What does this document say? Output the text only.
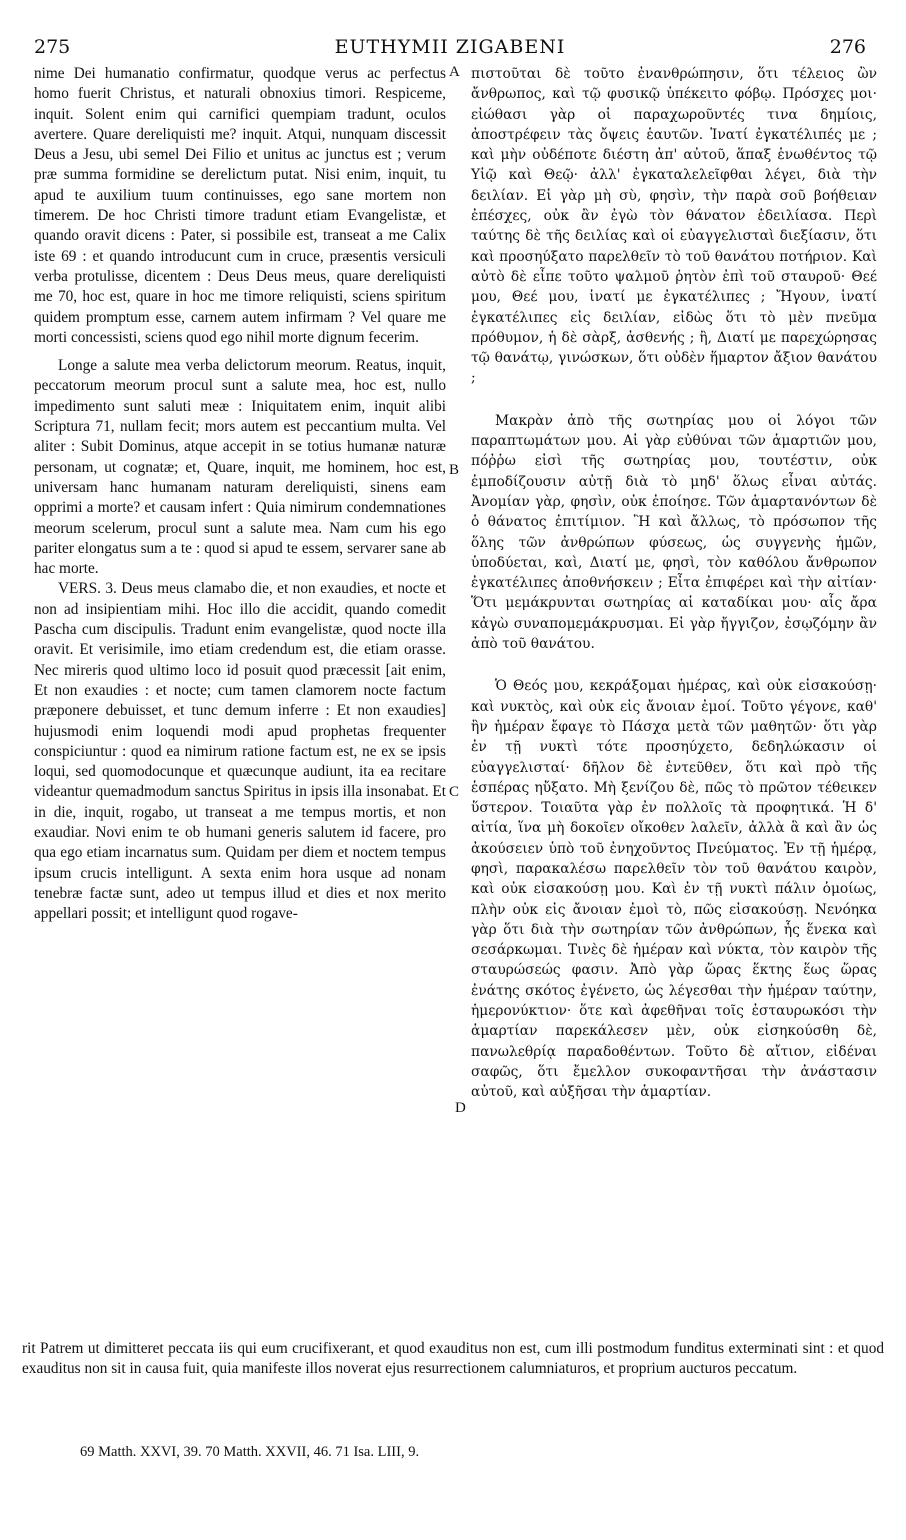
275	EUTHYMII ZIGABENI	276

nime Dei humanatio confirmatur, quodque verus ac perfectus homo fuerit Christus, et naturali obnoxius timori. Respiceme, inquit. Solent enim qui carnifici quempiam tradunt, oculos avertere. Quare dereliquisti me? inquit. Atqui, nunquam discessit Deus a Jesu, ubi semel Dei Filio et unitus ac junctus est ; verum præ summa formidine se derelictum putat. Nisi enim, inquit, tu apud te auxilium tuum continuisses, ego sane mortem non timerem. De hoc Christi timore tradunt etiam Evangelistæ, et quando oravit dicens : Pater, si possibile est, transeat a me Calix iste 69 : et quando introducunt cum in cruce, præsentis versiculi verba protulisse, dicentem : Deus Deus meus, quare dereliquisti me 70, hoc est, quare in hoc me timore reliquisti, sciens spiritum quidem promptum esse, carnem autem infirmam ? Vel quare me morti concessisti, sciens quod ego nihil morte dignum fecerim.

Longe a salute mea verba delictorum meorum. Reatus, inquit, peccatorum meorum procul sunt a salute mea, hoc est, nullo impedimento sunt saluti meæ : Iniquitatem enim, inquit alibi Scriptura 71, nullam fecit; mors autem est peccantium multa. Vel aliter : Subit Dominus, atque accepit in se totius humanæ naturæ personam, ut cognatæ; et, Quare, inquit, me hominem, hoc est, universam hanc humanam naturam dereliquisti, sinens eam opprimi a morte? et causam infert : Quia nimirum condemnationes meorum scelerum, procul sunt a salute mea. Nam cum his ego pariter elongatus sum a te : quod si apud te essem, servarer sane ab hac morte.

VERS. 3. Deus meus clamabo die, et non exaudies, et nocte et non ad insipientiam mihi. Hoc illo die accidit, quando comedit Pascha cum discipulis. Tradunt enim evangelistæ, quod nocte illa oravit. Et verisimile, imo etiam credendum est, die etiam orasse. Nec mireris quod ultimo loco id posuit quod præcessit [ait enim, Et non exaudies : et nocte; cum tamen clamorem nocte factum præponere debuisset, et tunc demum inferre : Et non exaudies] hujusmodi enim loquendi modi apud prophetas frequenter conspiciuntur : quod ea nimirum ratione factum est, ne ex se ipsis loqui, sed quomodocunque et quæcunque audiunt, ita ea recitare videantur quemadmodum sanctus Spiritus in ipsis illa insonabat. Et in die, inquit, rogabo, ut transeat a me tempus mortis, et non exaudiar. Novi enim te ob humani generis salutem id facere, pro qua ego etiam incarnatus sum. Quidam per diem et noctem tempus ipsum crucis intelligunt. A sexta enim hora usque ad nonam tenebræ factæ sunt, adeo ut tempus illud et dies et nox merito appellari possit; et intelligunt quod rogave-

A
B
C
D

πιστοῦται δὲ τοῦτο ἐνανθρώπησιν, ὅτι τέλειος ὢν ἄνθρωπος, καὶ τῷ φυσικῷ ὑπέκειτο φόβῳ. Πρόσχες μοι· εἰώθασι γὰρ οἱ παραχωροῦντές τινα δημίοις, ἀποστρέφειν τὰς ὄψεις ἑαυτῶν. Ἱνατί ἐγκατέλιπές με ; καὶ μὴν οὐδέποτε διέστη ἀπ' αὐτοῦ, ἅπαξ ἑνωθέντος τῷ Υἱῷ καὶ Θεῷ· ἀλλ' ἐγκαταλελεῖφθαι λέγει, διὰ τὴν δειλίαν. Εἰ γὰρ μὴ σὺ, φησὶν, τὴν παρὰ σοῦ βοήθειαν ἐπέσχες, οὐκ ἂν ἐγὼ τὸν θάνατον ἐδειλίασα. Περὶ ταύτης δὲ τῆς δειλίας καὶ οἱ εὐαγγελισταὶ διεξίασιν, ὅτι καὶ προσηύξατο παρελθεῖν τὸ τοῦ θανάτου ποτήριον. Καὶ αὐτὸ δὲ εἶπε τοῦτο ψαλμοῦ ῥητὸν ἐπὶ τοῦ σταυροῦ· Θεέ μου, Θεέ μου, ἱνατί με ἐγκατέλιπες ; Ἤγουν, ἱνατί ἐγκατέλιπες εἰς δειλίαν, εἰδὼς ὅτι τὸ μὲν πνεῦμα πρόθυμον, ἡ δὲ σὰρξ, ἀσθενής ; ἢ, Διατί με παρεχώρησας τῷ θανάτῳ, γινώσκων, ὅτι οὐδὲν ἥμαρτον ἄξιον θανάτου ;

Μακρὰν ἀπὸ τῆς σωτηρίας μου οἱ λόγοι τῶν παραπτωμάτων μου. Αἱ γὰρ εὐθύναι τῶν ἁμαρτιῶν μου, πόῤῥω εἰσὶ τῆς σωτηρίας μου, τουτέστιν, οὐκ ἐμποδίζουσιν αὐτῇ διὰ τὸ μηδ' ὅλως εἶναι αὐτάς. Ἀνομίαν γὰρ, φησὶν, οὐκ ἐποίησε. Τῶν ἁμαρτανόντων δὲ ὁ θάνατος ἐπιτίμιον. Ἢ καὶ ἄλλως, τὸ πρόσωπον τῆς ὅλης τῶν ἀνθρώπων φύσεως, ὡς συγγενὴς ἡμῶν, ὑποδύεται, καὶ, Διατί με, φησὶ, τὸν καθόλου ἄνθρωπον ἐγκατέλιπες ἀποθνήσκειν ; Εἶτα ἐπιφέρει καὶ τὴν αἰτίαν· Ὅτι μεμάκρυνται σωτηρίας αἱ καταδίκαι μου· αἷς ἄρα κἀγὼ συναπομεμάκρυσμαι. Εἰ γὰρ ἤγγιζον, ἐσῳζόμην ἂν ἀπὸ τοῦ θανάτου.

Ὁ Θεός μου, κεκράξομαι ἡμέρας, καὶ οὐκ εἰσακούσῃ· καὶ νυκτὸς, καὶ οὐκ εἰς ἄνοιαν ἐμοί. Τοῦτο γέγονε, καθ' ἣν ἡμέραν ἔφαγε τὸ Πάσχα μετὰ τῶν μαθητῶν· ὅτι γὰρ ἐν τῇ νυκτὶ τότε προσηύχετο, δεδηλώκασιν οἱ εὐαγγελισταί· δῆλον δὲ ἐντεῦθεν, ὅτι καὶ πρὸ τῆς ἑσπέρας ηὔξατο. Μὴ ξενίζου δὲ, πῶς τὸ πρῶτον τέθεικεν ὕστερον. Τοιαῦτα γὰρ ἐν πολλοῖς τὰ προφητικά. Ἡ δ' αἰτία, ἵνα μὴ δοκοῖεν οἴκοθεν λαλεῖν, ἀλλὰ ἃ καὶ ἂν ὡς ἀκούσειεν ὑπὸ τοῦ ἐνηχοῦντος Πνεύματος. Ἐν τῇ ἡμέρᾳ, φησὶ, παρακαλέσω παρελθεῖν τὸν τοῦ θανάτου καιρὸν, καὶ οὐκ εἰσακούσῃ μου. Καὶ ἐν τῇ νυκτὶ πάλιν ὁμοίως, πλὴν οὐκ εἰς ἄνοιαν ἐμοὶ τὸ, πῶς εἰσακούσῃ. Νενόηκα γὰρ ὅτι διὰ τὴν σωτηρίαν τῶν ἀνθρώπων, ἧς ἕνεκα καὶ σεσάρκωμαι. Τινὲς δὲ ἡμέραν καὶ νύκτα, τὸν καιρὸν τῆς σταυρώσεώς φασιν. Ἀπὸ γὰρ ὥρας ἕκτης ἕως ὥρας ἐνάτης σκότος ἐγένετο, ὡς λέγεσθαι τὴν ἡμέραν ταύτην, ἡμερονύκτιον· ὅτε καὶ ἀφεθῆναι τοῖς ἐσταυρωκόσι τὴν ἁμαρτίαν παρεκάλεσεν μὲν, οὐκ εἰσηκούσθη δὲ, πανωλεθρίᾳ παραδοθέντων. Τοῦτο δὲ αἴτιον, εἰδέναι σαφῶς, ὅτι ἔμελλον συκοφαντῆσαι τὴν ἀνάστασιν αὐτοῦ, καὶ αὐξῆσαι τὴν ἁμαρτίαν.

rit Patrem ut dimitteret peccata iis qui eum crucifixerant, et quod exauditus non est, cum illi postmodum funditus exterminati sint : et quod exauditus non sit in causa fuit, quia manifeste illos noverat ejus resurrectionem calumniaturos, et proprium aucturos peccatum.
69 Matth. XXVI, 39. 70 Matth. XXVII, 46. 71 Isa. LIII, 9.
